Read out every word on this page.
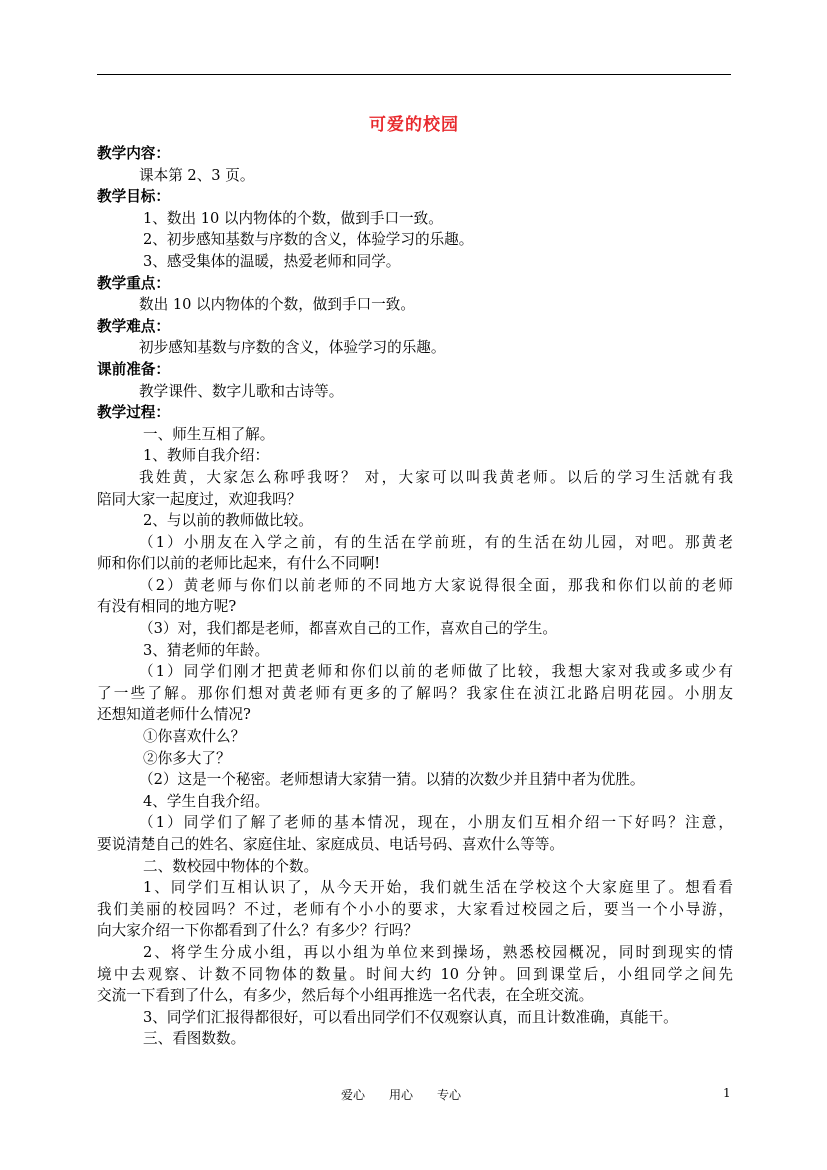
可爱的校园
教学内容：
课本第 2、3 页。
教学目标：
1、数出 10 以内物体的个数，做到手口一致。
2、初步感知基数与序数的含义，体验学习的乐趣。
3、感受集体的温暖，热爱老师和同学。
教学重点：
数出 10 以内物体的个数，做到手口一致。
教学难点：
初步感知基数与序数的含义，体验学习的乐趣。
课前准备：
教学课件、数字儿歌和古诗等。
教学过程：
一、师生互相了解。
1、教师自我介绍：
我姓黄，大家怎么称呼我呀？ 对，大家可以叫我黄老师。以后的学习生活就有我
陪同大家一起度过，欢迎我吗？
2、与以前的教师做比较。
（1）小朋友在入学之前，有的生活在学前班，有的生活在幼儿园，对吧。那黄老
师和你们以前的老师比起来，有什么不同啊!
（2）黄老师与你们以前老师的不同地方大家说得很全面，那我和你们以前的老师
有没有相同的地方呢?
（3）对，我们都是老师，都喜欢自己的工作，喜欢自己的学生。
3、猜老师的年龄。
（1）同学们刚才把黄老师和你们以前的老师做了比较，我想大家对我或多或少有
了一些了解。那你们想对黄老师有更多的了解吗？我家住在浈江北路启明花园。小朋友
还想知道老师什么情况?
①你喜欢什么？
②你多大了？
（2）这是一个秘密。老师想请大家猜一猜。以猜的次数少并且猜中者为优胜。
4、学生自我介绍。
（1）同学们了解了老师的基本情况，现在，小朋友们互相介绍一下好吗？注意，
要说清楚自己的姓名、家庭住址、家庭成员、电话号码、喜欢什么等等。
二、数校园中物体的个数。
1、同学们互相认识了，从今天开始，我们就生活在学校这个大家庭里了。想看看
我们美丽的校园吗？不过，老师有个小小的要求，大家看过校园之后，要当一个小导游，
向大家介绍一下你都看到了什么？有多少？行吗？
2、将学生分成小组，再以小组为单位来到操场，熟悉校园概况，同时到现实的情
境中去观察、计数不同物体的数量。时间大约 10 分钟。回到课堂后，小组同学之间先
交流一下看到了什么，有多少，然后每个小组再推选一名代表，在全班交流。
3、同学们汇报得都很好，可以看出同学们不仅观察认真，而且计数准确，真能干。
三、看图数数。
爱心 用心 专心	1
